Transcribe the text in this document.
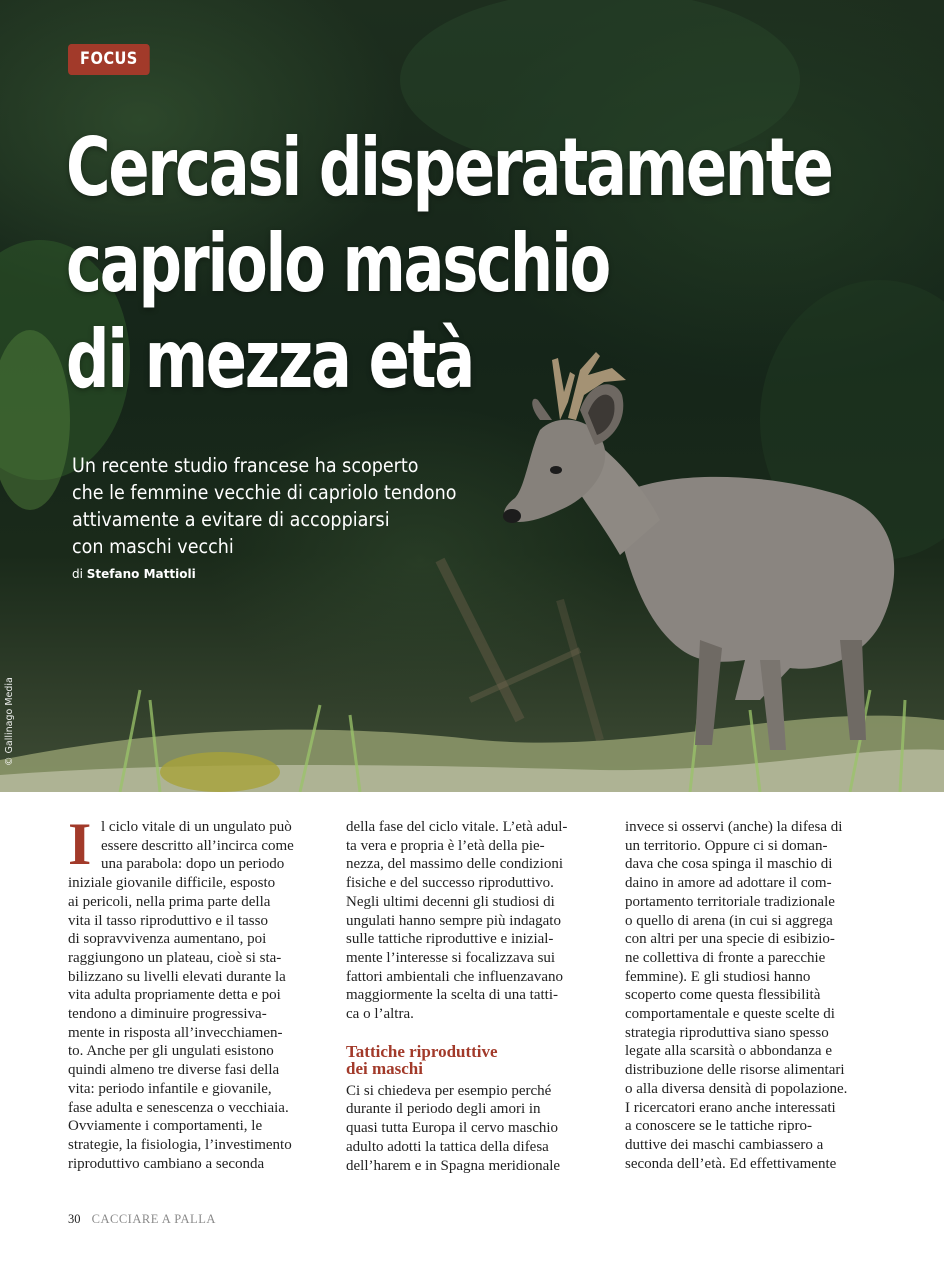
FOCUS
Cercasi disperatamente
capriolo maschio
di mezza età

Un recente studio francese ha scoperto
che le femmine vecchie di capriolo tendono
attivamente a evitare di accoppiarsi
con maschi vecchi

di Stefano Mattioli
© Gallinago Media

I l ciclo vitale di un ungulato può
essere descritto all’incirca come
una parabola: dopo un periodo
iniziale giovanile difficile, esposto
ai pericoli, nella prima parte della
vita il tasso riproduttivo e il tasso
di sopravvivenza aumentano, poi
raggiungono un plateau, cioè si sta-
bilizzano su livelli elevati durante la
vita adulta propriamente detta e poi
tendono a diminuire progressiva-
mente in risposta all’invecchiamen-
to. Anche per gli ungulati esistono
quindi almeno tre diverse fasi della
vita: periodo infantile e giovanile,
fase adulta e senescenza o vecchiaia.
Ovviamente i comportamenti, le
strategie, la fisiologia, l’investimento
riproduttivo cambiano a seconda

della fase del ciclo vitale. L’età adul-
ta vera e propria è l’età della pie-
nezza, del massimo delle condizioni
fisiche e del successo riproduttivo.
Negli ultimi decenni gli studiosi di
ungulati hanno sempre più indagato
sulle tattiche riproduttive e inizial-
mente l’interesse si focalizzava sui
fattori ambientali che influenzavano
maggiormente la scelta di una tatti-
ca o l’altra.

Tattiche riproduttive
dei maschi

Ci si chiedeva per esempio perché
durante il periodo degli amori in
quasi tutta Europa il cervo maschio
adulto adotti la tattica della difesa
dell’harem e in Spagna meridionale

invece si osservi (anche) la difesa di
un territorio. Oppure ci si doman-
dava che cosa spinga il maschio di
daino in amore ad adottare il com-
portamento territoriale tradizionale
o quello di arena (in cui si aggrega
con altri per una specie di esibizio-
ne collettiva di fronte a parecchie
femmine). E gli studiosi hanno
scoperto come questa flessibilità
comportamentale e queste scelte di
strategia riproduttiva siano spesso
legate alla scarsità o abbondanza e
distribuzione delle risorse alimentari
o alla diversa densità di popolazione.
I ricercatori erano anche interessati
a conoscere se le tattiche ripro-
duttive dei maschi cambiassero a
seconda dell’età. Ed effettivamente

30 CACCIARE A PALLA
